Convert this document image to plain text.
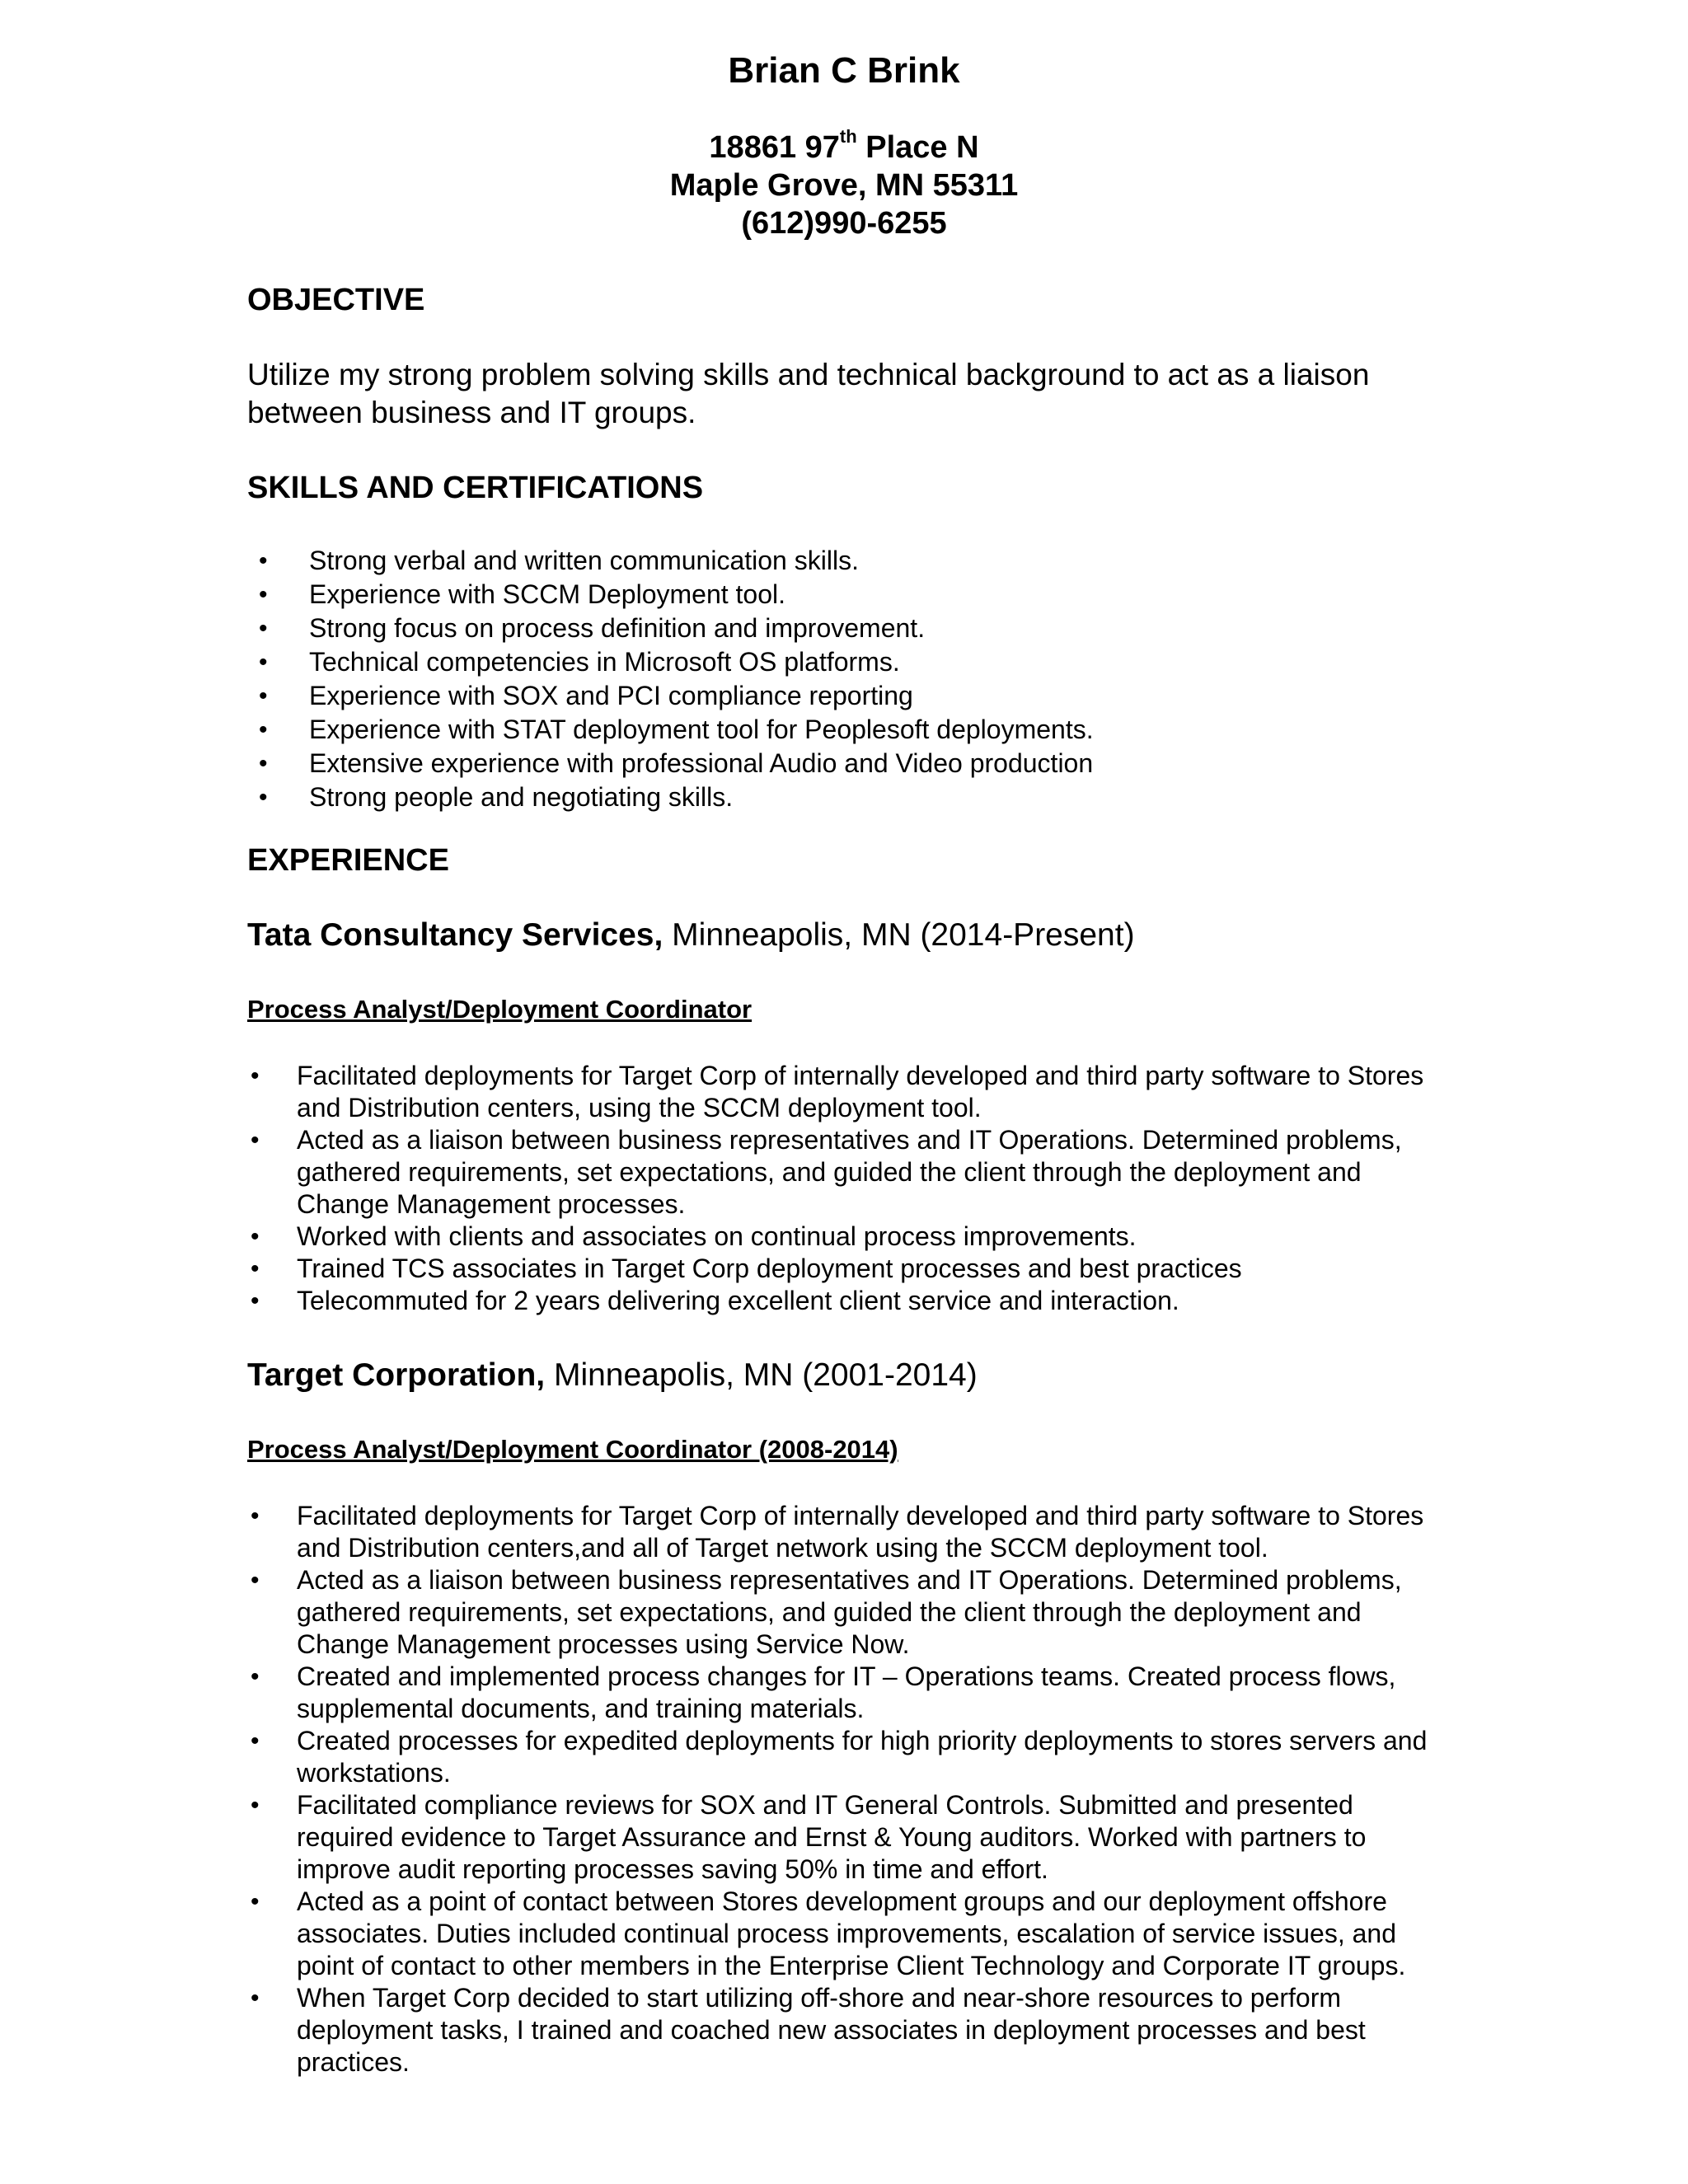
Brian C Brink
18861 97th Place N
Maple Grove, MN 55311
(612)990-6255
OBJECTIVE

Utilize my strong problem solving skills and technical background to act as a liaison between business and IT groups.

SKILLS AND CERTIFICATIONS
• Strong verbal and written communication skills.
• Experience with SCCM Deployment tool.
• Strong focus on process definition and improvement.
• Technical competencies in Microsoft OS platforms.
• Experience with SOX and PCI compliance reporting
• Experience with STAT deployment tool for Peoplesoft deployments.
• Extensive experience with professional Audio and Video production
• Strong people and negotiating skills.
EXPERIENCE

Tata Consultancy Services, Minneapolis, MN (2014-Present)

Process Analyst/Deployment Coordinator

• Facilitated deployments for Target Corp of internally developed and third party software to Stores and Distribution centers, using the SCCM deployment tool.
• Acted as a liaison between business representatives and IT Operations. Determined problems, gathered requirements, set expectations, and guided the client through the deployment and Change Management processes.
• Worked with clients and associates on continual process improvements.
• Trained TCS associates in Target Corp deployment processes and best practices
• Telecommuted for 2 years delivering excellent client service and interaction.

Target Corporation, Minneapolis, MN (2001-2014)

Process Analyst/Deployment Coordinator (2008-2014)

• Facilitated deployments for Target Corp of internally developed and third party software to Stores and Distribution centers,and all of Target network using the SCCM deployment tool.
• Acted as a liaison between business representatives and IT Operations. Determined problems, gathered requirements, set expectations, and guided the client through the deployment and Change Management processes using Service Now.
• Created and implemented process changes for IT – Operations teams. Created process flows, supplemental documents, and training materials.
• Created processes for expedited deployments for high priority deployments to stores servers and workstations.
• Facilitated compliance reviews for SOX and IT General Controls. Submitted and presented required evidence to Target Assurance and Ernst & Young auditors. Worked with partners to improve audit reporting processes saving 50% in time and effort.
• Acted as a point of contact between Stores development groups and our deployment offshore associates. Duties included continual process improvements, escalation of service issues, and point of contact to other members in the Enterprise Client Technology and Corporate IT groups.
• When Target Corp decided to start utilizing off-shore and near-shore resources to perform deployment tasks, I trained and coached new associates in deployment processes and best practices.
